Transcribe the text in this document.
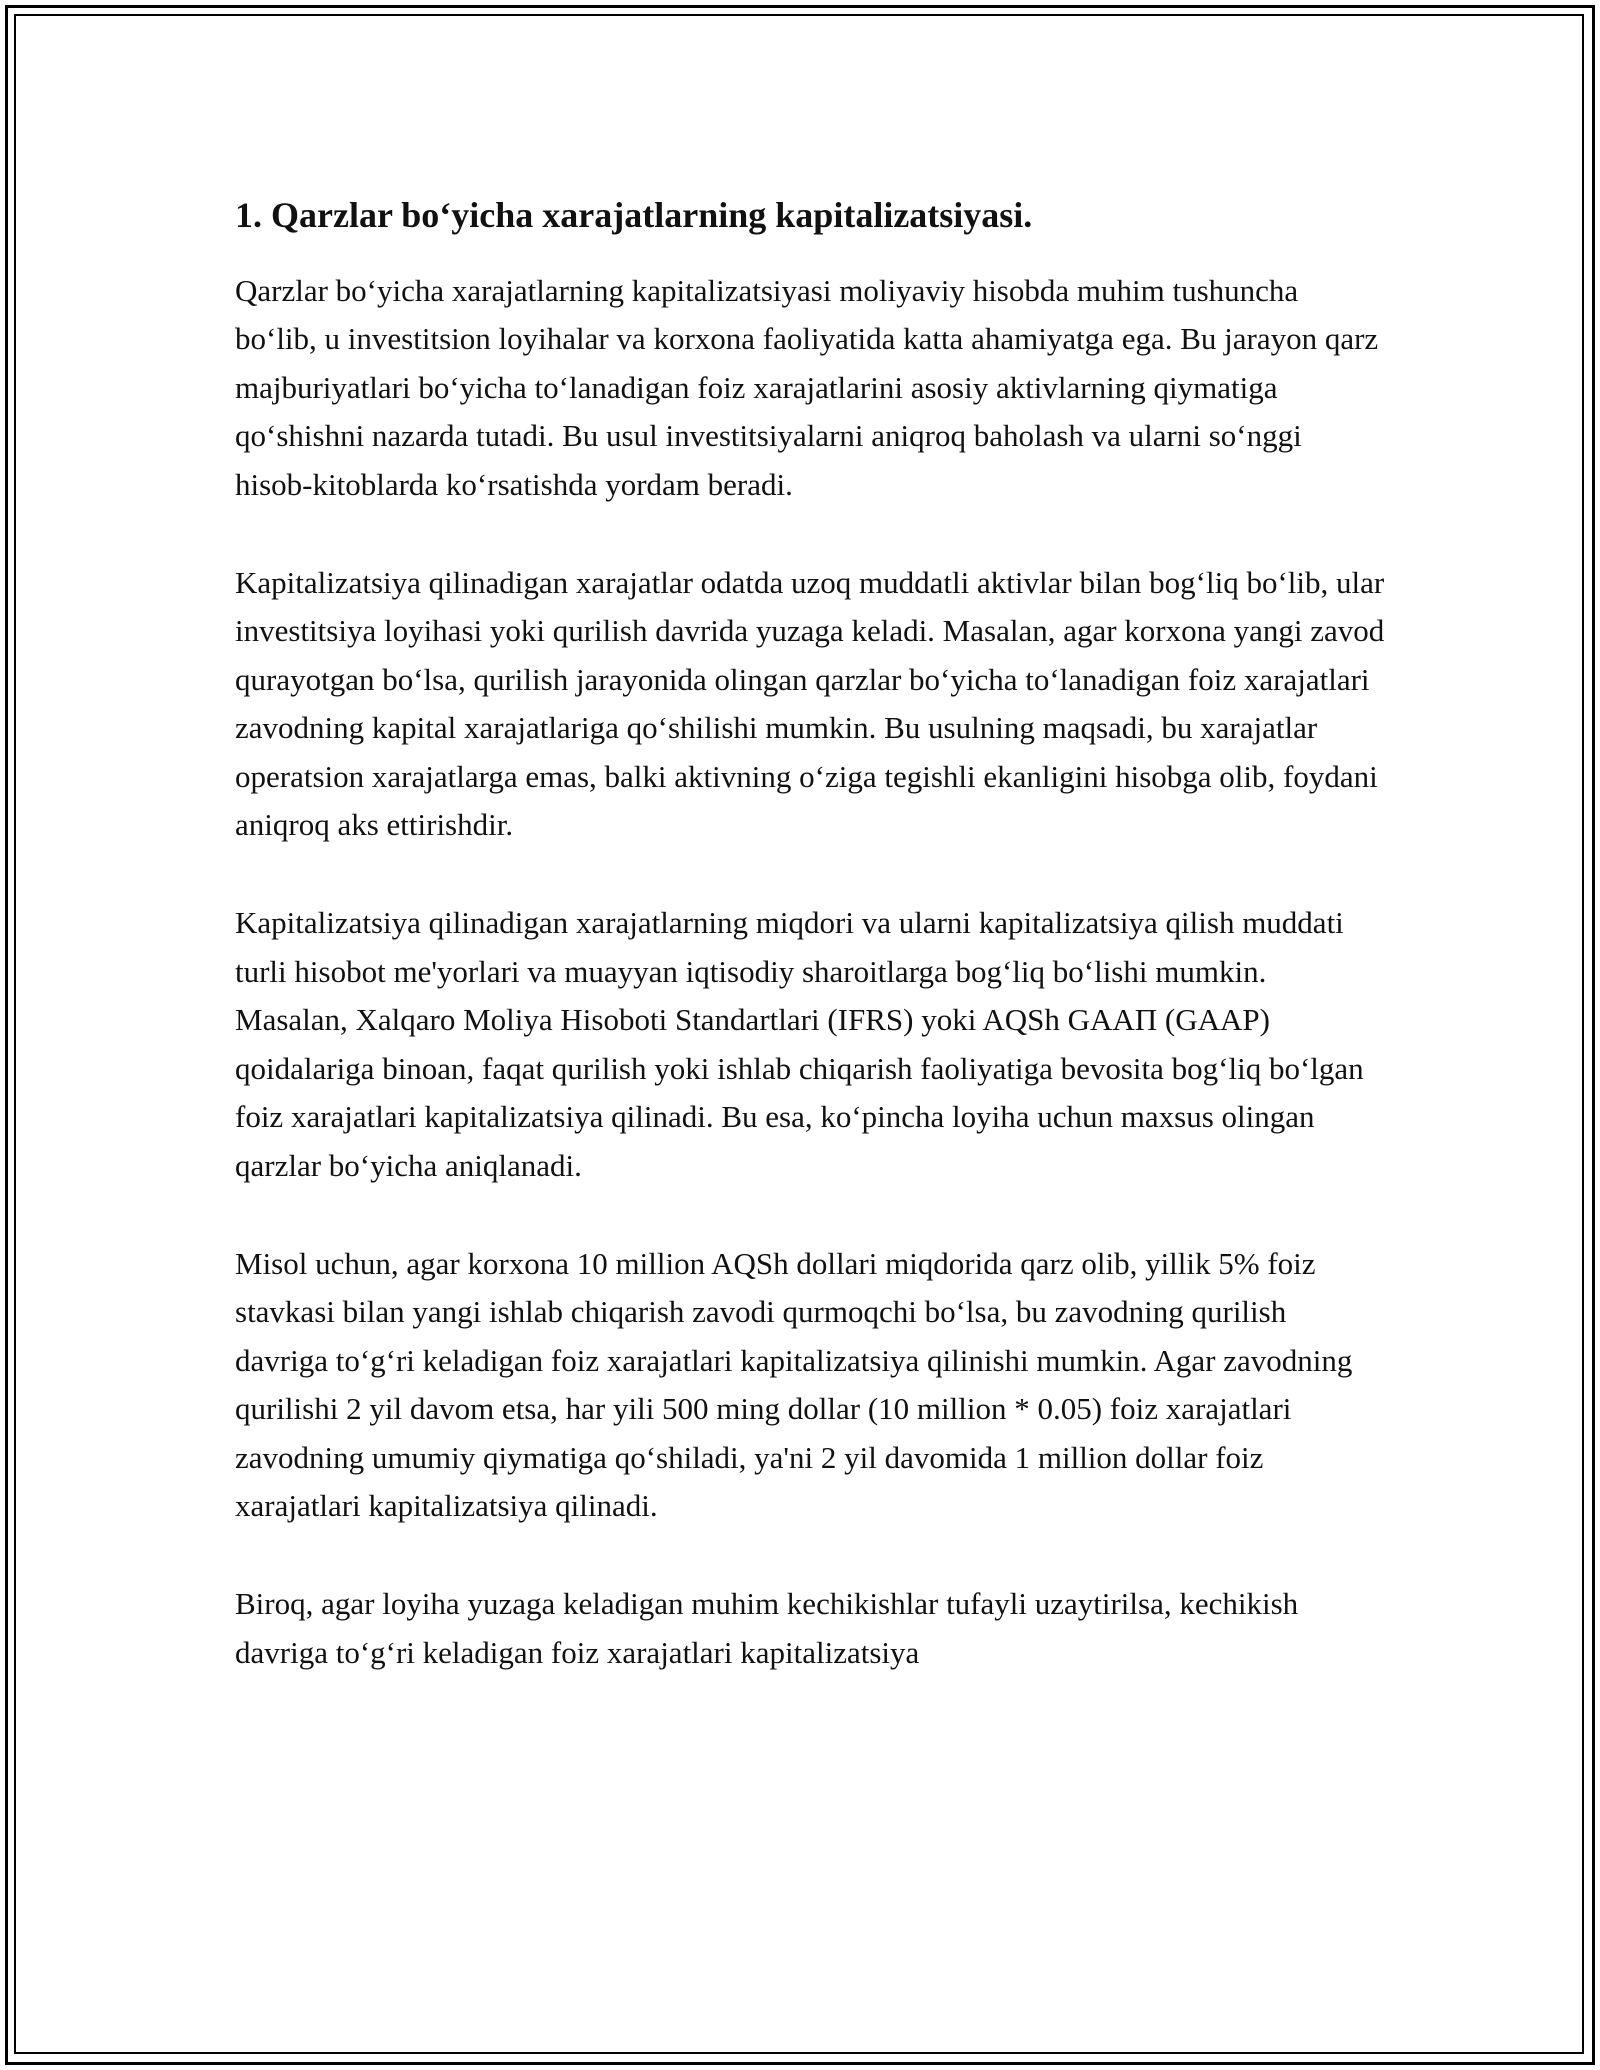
1. Qarzlar bo‘yicha xarajatlarning kapitalizatsiyasi.

Qarzlar bo‘yicha xarajatlarning kapitalizatsiyasi moliyaviy hisobda muhim tushuncha bo‘lib, u investitsion loyihalar va korxona faoliyatida katta ahamiyatga ega. Bu jarayon qarz majburiyatlari bo‘yicha to‘lanadigan foiz xarajatlarini asosiy aktivlarning qiymatiga qo‘shishni nazarda tutadi. Bu usul investitsiyalarni aniqroq baholash va ularni so‘nggi hisob-kitoblarda ko‘rsatishda yordam beradi.

Kapitalizatsiya qilinadigan xarajatlar odatda uzoq muddatli aktivlar bilan bog‘liq bo‘lib, ular investitsiya loyihasi yoki qurilish davrida yuzaga keladi. Masalan, agar korxona yangi zavod qurayotgan bo‘lsa, qurilish jarayonida olingan qarzlar bo‘yicha to‘lanadigan foiz xarajatlari zavodning kapital xarajatlariga qo‘shilishi mumkin. Bu usulning maqsadi, bu xarajatlar operatsion xarajatlarga emas, balki aktivning o‘ziga tegishli ekanligini hisobga olib, foydani aniqroq aks ettirishdir.

Kapitalizatsiya qilinadigan xarajatlarning miqdori va ularni kapitalizatsiya qilish muddati turli hisobot me'yorlari va muayyan iqtisodiy sharoitlarga bog‘liq bo‘lishi mumkin. Masalan, Xalqaro Moliya Hisoboti Standartlari (IFRS) yoki AQSh GAAП (GAAP) qoidalariga binoan, faqat qurilish yoki ishlab chiqarish faoliyatiga bevosita bog‘liq bo‘lgan foiz xarajatlari kapitalizatsiya qilinadi. Bu esa, ko‘pincha loyiha uchun maxsus olingan qarzlar bo‘yicha aniqlanadi.

Misol uchun, agar korxona 10 million AQSh dollari miqdorida qarz olib, yillik 5% foiz stavkasi bilan yangi ishlab chiqarish zavodi qurmoqchi bo‘lsa, bu zavodning qurilish davriga to‘g‘ri keladigan foiz xarajatlari kapitalizatsiya qilinishi mumkin. Agar zavodning qurilishi 2 yil davom etsa, har yili 500 ming dollar (10 million * 0.05) foiz xarajatlari zavodning umumiy qiymatiga qo‘shiladi, ya'ni 2 yil davomida 1 million dollar foiz xarajatlari kapitalizatsiya qilinadi.

Biroq, agar loyiha yuzaga keladigan muhim kechikishlar tufayli uzaytirilsa, kechikish davriga to‘g‘ri keladigan foiz xarajatlari kapitalizatsiya
